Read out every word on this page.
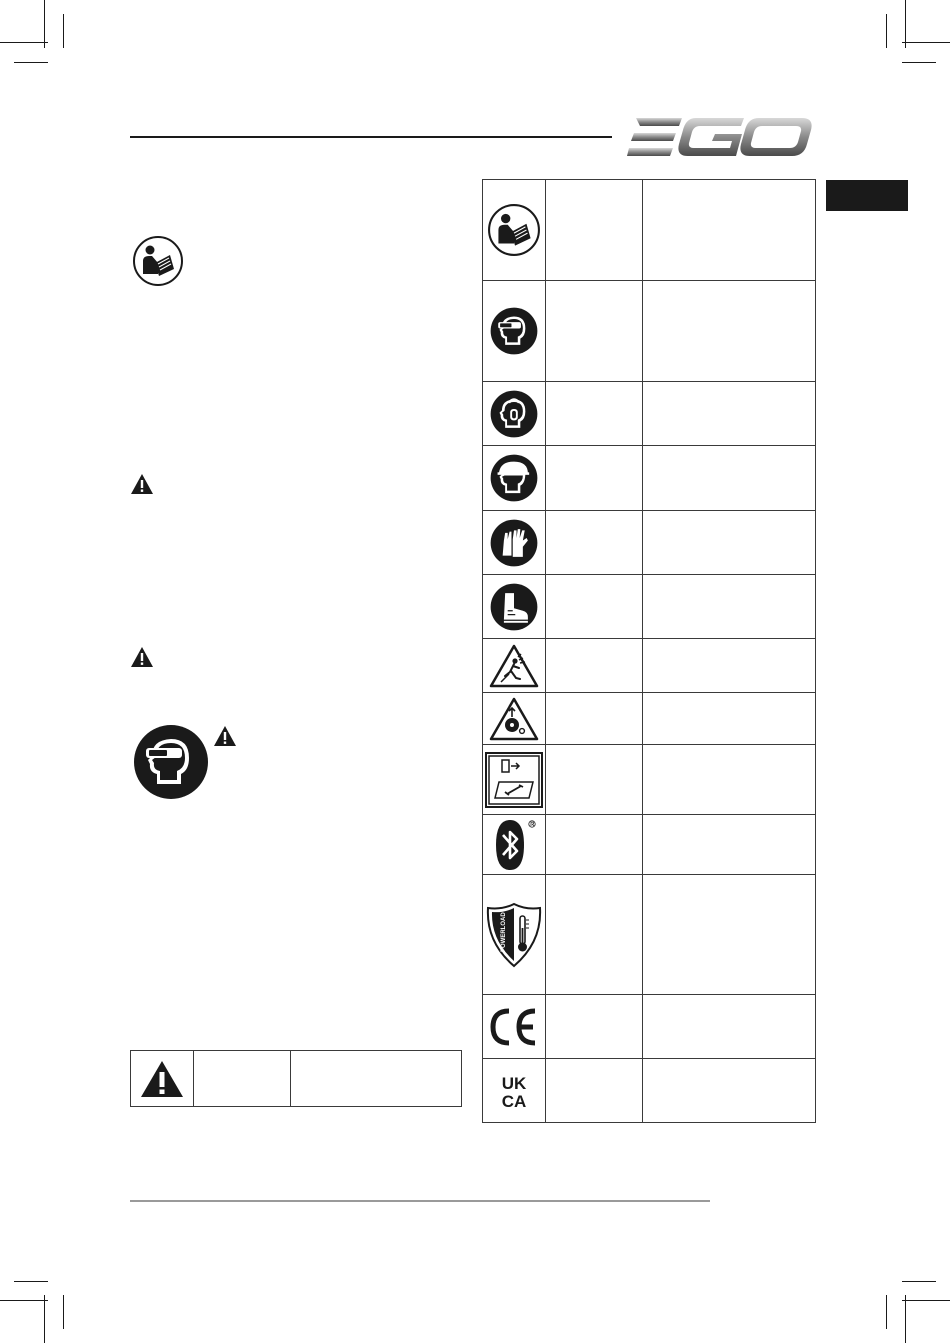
POWERLOAD		

UK
CA		
